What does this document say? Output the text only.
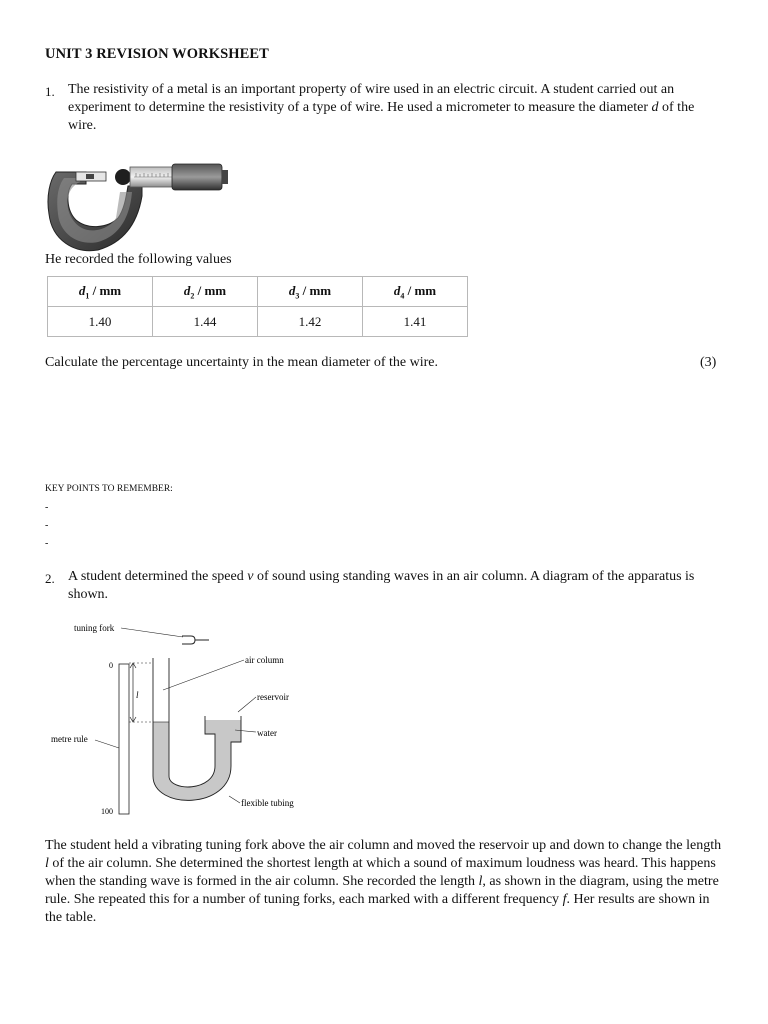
UNIT 3 REVISION WORKSHEET
1. The resistivity of a metal is an important property of wire used in an electric circuit. A student carried out an experiment to determine the resistivity of a type of wire. He used a micrometer to measure the diameter d of the wire.
He recorded the following values
$d_1$ / mm	$d_2$ / mm	$d_3$ / mm	$d_4$ / mm
1.40	1.44	1.42	1.41
Calculate the percentage uncertainty in the mean diameter of the wire.	(3)
KEY POINTS TO REMEMBER:
-
-
-
2. A student determined the speed v of sound using standing waves in an air column. A diagram of the apparatus is shown.
tuning fork
0
100
metre rule
l
air column
reservoir
water
flexible tubing
The student held a vibrating tuning fork above the air column and moved the reservoir up and down to change the length l of the air column. She determined the shortest length at which a sound of maximum loudness was heard. This happens when the standing wave is formed in the air column. She recorded the length l, as shown in the diagram, using the metre rule. She repeated this for a number of tuning forks, each marked with a different frequency f. Her results are shown in the table.
